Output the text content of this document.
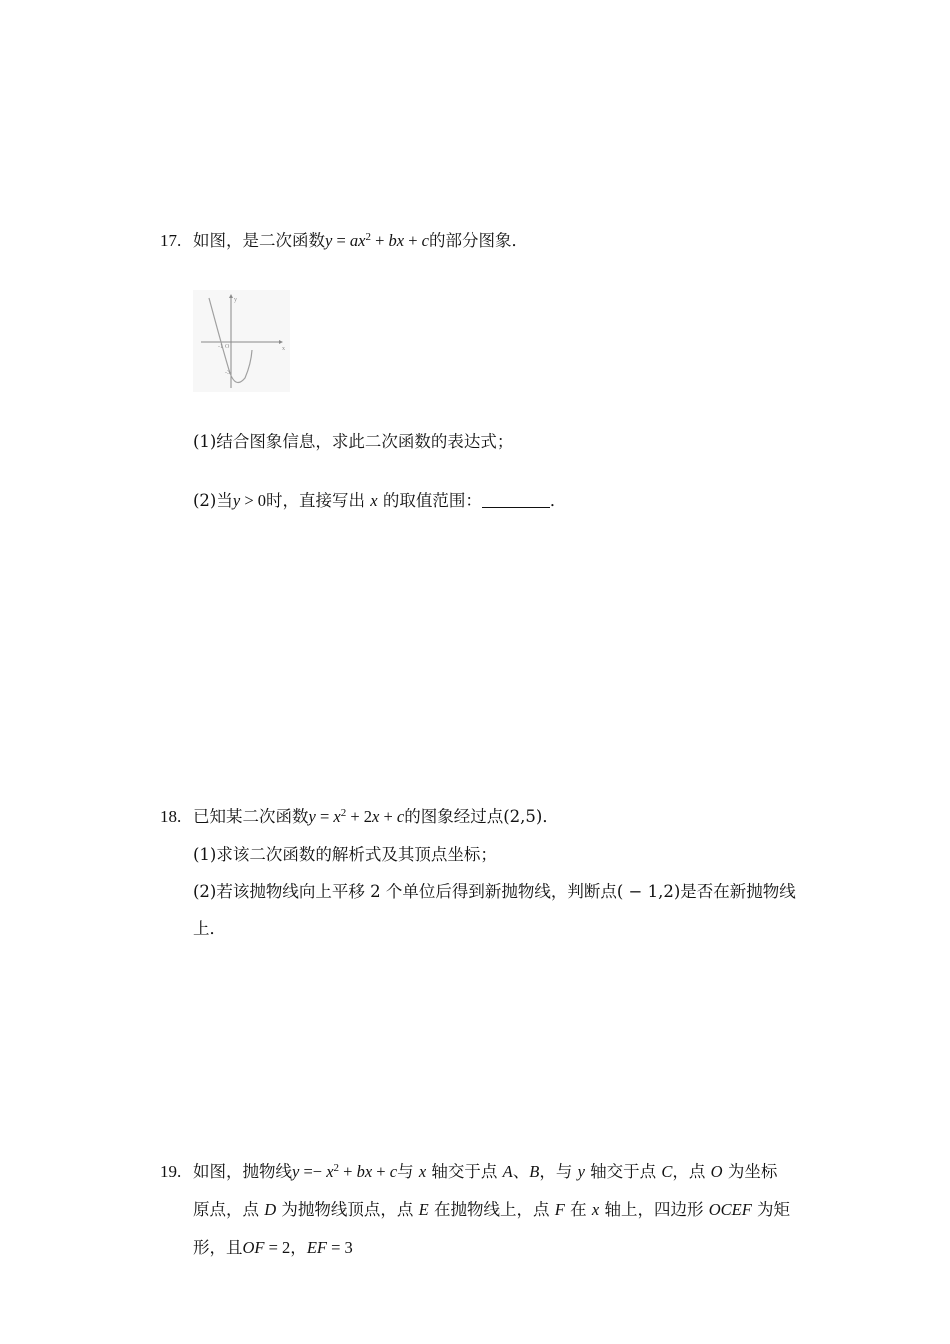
17. 如图，是二次函数$y = ax^2$ + bx + c的部分图象．
y
x
O
-1
-3
(1)结合图象信息，求此二次函数的表达式；
(2)当y > 0时，直接写出 x 的取值范围：	．
18. 已知某二次函数$y = x^2 + 2x + c$的图象经过点(2,5)．
(1)求该二次函数的解析式及其顶点坐标；
(2)若该抛物线向上平移 2 个单位后得到新抛物线，判断点( − 1,2)是否在新抛物线
上．
19. 如图，抛物线$y =- x^2$ + bx + c与 x 轴交于点 A、B，与 y 轴交于点 C，点 O 为坐标
原点，点 D 为抛物线顶点，点 E 在抛物线上，点 F 在 x 轴上，四边形 OCEF 为矩
形，且OF = 2，EF = 3
